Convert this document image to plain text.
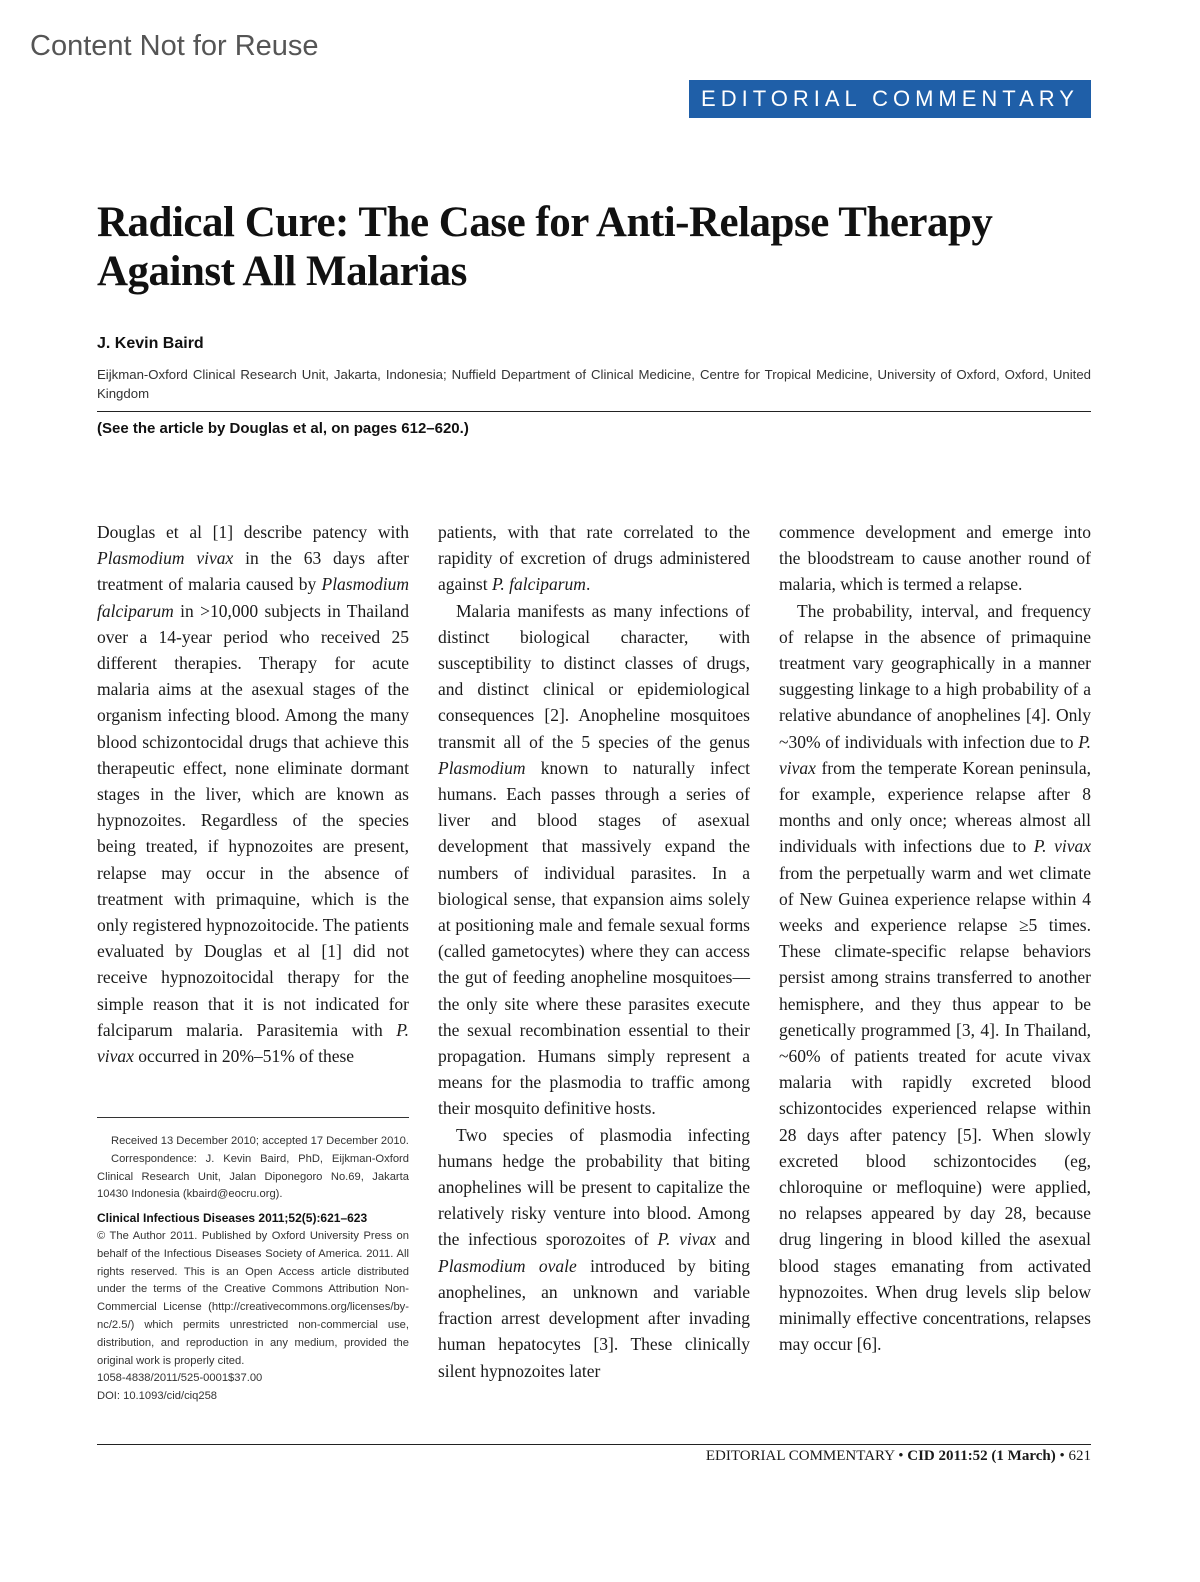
Content Not for Reuse
EDITORIAL COMMENTARY
Radical Cure: The Case for Anti-Relapse Therapy Against All Malarias
J. Kevin Baird
Eijkman-Oxford Clinical Research Unit, Jakarta, Indonesia; Nuffield Department of Clinical Medicine, Centre for Tropical Medicine, University of Oxford, Oxford, United Kingdom
(See the article by Douglas et al, on pages 612–620.)

Douglas et al [1] describe patency with Plasmodium vivax in the 63 days after treatment of malaria caused by Plasmodium falciparum in >10,000 subjects in Thailand over a 14-year period who received 25 different therapies. Therapy for acute malaria aims at the asexual stages of the organism infecting blood. Among the many blood schizontocidal drugs that achieve this therapeutic effect, none eliminate dormant stages in the liver, which are known as hypnozoites. Regardless of the species being treated, if hypnozoites are present, relapse may occur in the absence of treatment with primaquine, which is the only registered hypnozoitocide. The patients evaluated by Douglas et al [1] did not receive hypnozoitocidal therapy for the simple reason that it is not indicated for falciparum malaria. Parasitemia with P. vivax occurred in 20%–51% of these

Received 13 December 2010; accepted 17 December 2010.
Correspondence: J. Kevin Baird, PhD, Eijkman-Oxford Clinical Research Unit, Jalan Diponegoro No.69, Jakarta 10430 Indonesia (kbaird@eocru.org).
Clinical Infectious Diseases 2011;52(5):621–623
© The Author 2011. Published by Oxford University Press on behalf of the Infectious Diseases Society of America. 2011. All rights reserved. This is an Open Access article distributed under the terms of the Creative Commons Attribution Non-Commercial License (http://creativecommons.org/licenses/by-nc/2.5/) which permits unrestricted non-commercial use, distribution, and reproduction in any medium, provided the original work is properly cited.
1058-4838/2011/525-0001$37.00
DOI: 10.1093/cid/ciq258

patients, with that rate correlated to the rapidity of excretion of drugs administered against P. falciparum.

Malaria manifests as many infections of distinct biological character, with susceptibility to distinct classes of drugs, and distinct clinical or epidemiological consequences [2]. Anopheline mosquitoes transmit all of the 5 species of the genus Plasmodium known to naturally infect humans. Each passes through a series of liver and blood stages of asexual development that massively expand the numbers of individual parasites. In a biological sense, that expansion aims solely at positioning male and female sexual forms (called gametocytes) where they can access the gut of feeding anopheline mosquitoes—the only site where these parasites execute the sexual recombination essential to their propagation. Humans simply represent a means for the plasmodia to traffic among their mosquito definitive hosts.

Two species of plasmodia infecting humans hedge the probability that biting anophelines will be present to capitalize the relatively risky venture into blood. Among the infectious sporozoites of P. vivax and Plasmodium ovale introduced by biting anophelines, an unknown and variable fraction arrest development after invading human hepatocytes [3]. These clinically silent hypnozoites later

commence development and emerge into the bloodstream to cause another round of malaria, which is termed a relapse.

The probability, interval, and frequency of relapse in the absence of primaquine treatment vary geographically in a manner suggesting linkage to a high probability of a relative abundance of anophelines [4]. Only ~30% of individuals with infection due to P. vivax from the temperate Korean peninsula, for example, experience relapse after 8 months and only once; whereas almost all individuals with infections due to P. vivax from the perpetually warm and wet climate of New Guinea experience relapse within 4 weeks and experience relapse ≥5 times. These climate-specific relapse behaviors persist among strains transferred to another hemisphere, and they thus appear to be genetically programmed [3, 4]. In Thailand, ~60% of patients treated for acute vivax malaria with rapidly excreted blood schizontocides experienced relapse within 28 days after patency [5]. When slowly excreted blood schizontocides (eg, chloroquine or mefloquine) were applied, no relapses appeared by day 28, because drug lingering in blood killed the asexual blood stages emanating from activated hypnozoites. When drug levels slip below minimally effective concentrations, relapses may occur [6].

EDITORIAL COMMENTARY • CID 2011:52 (1 March) • 621
